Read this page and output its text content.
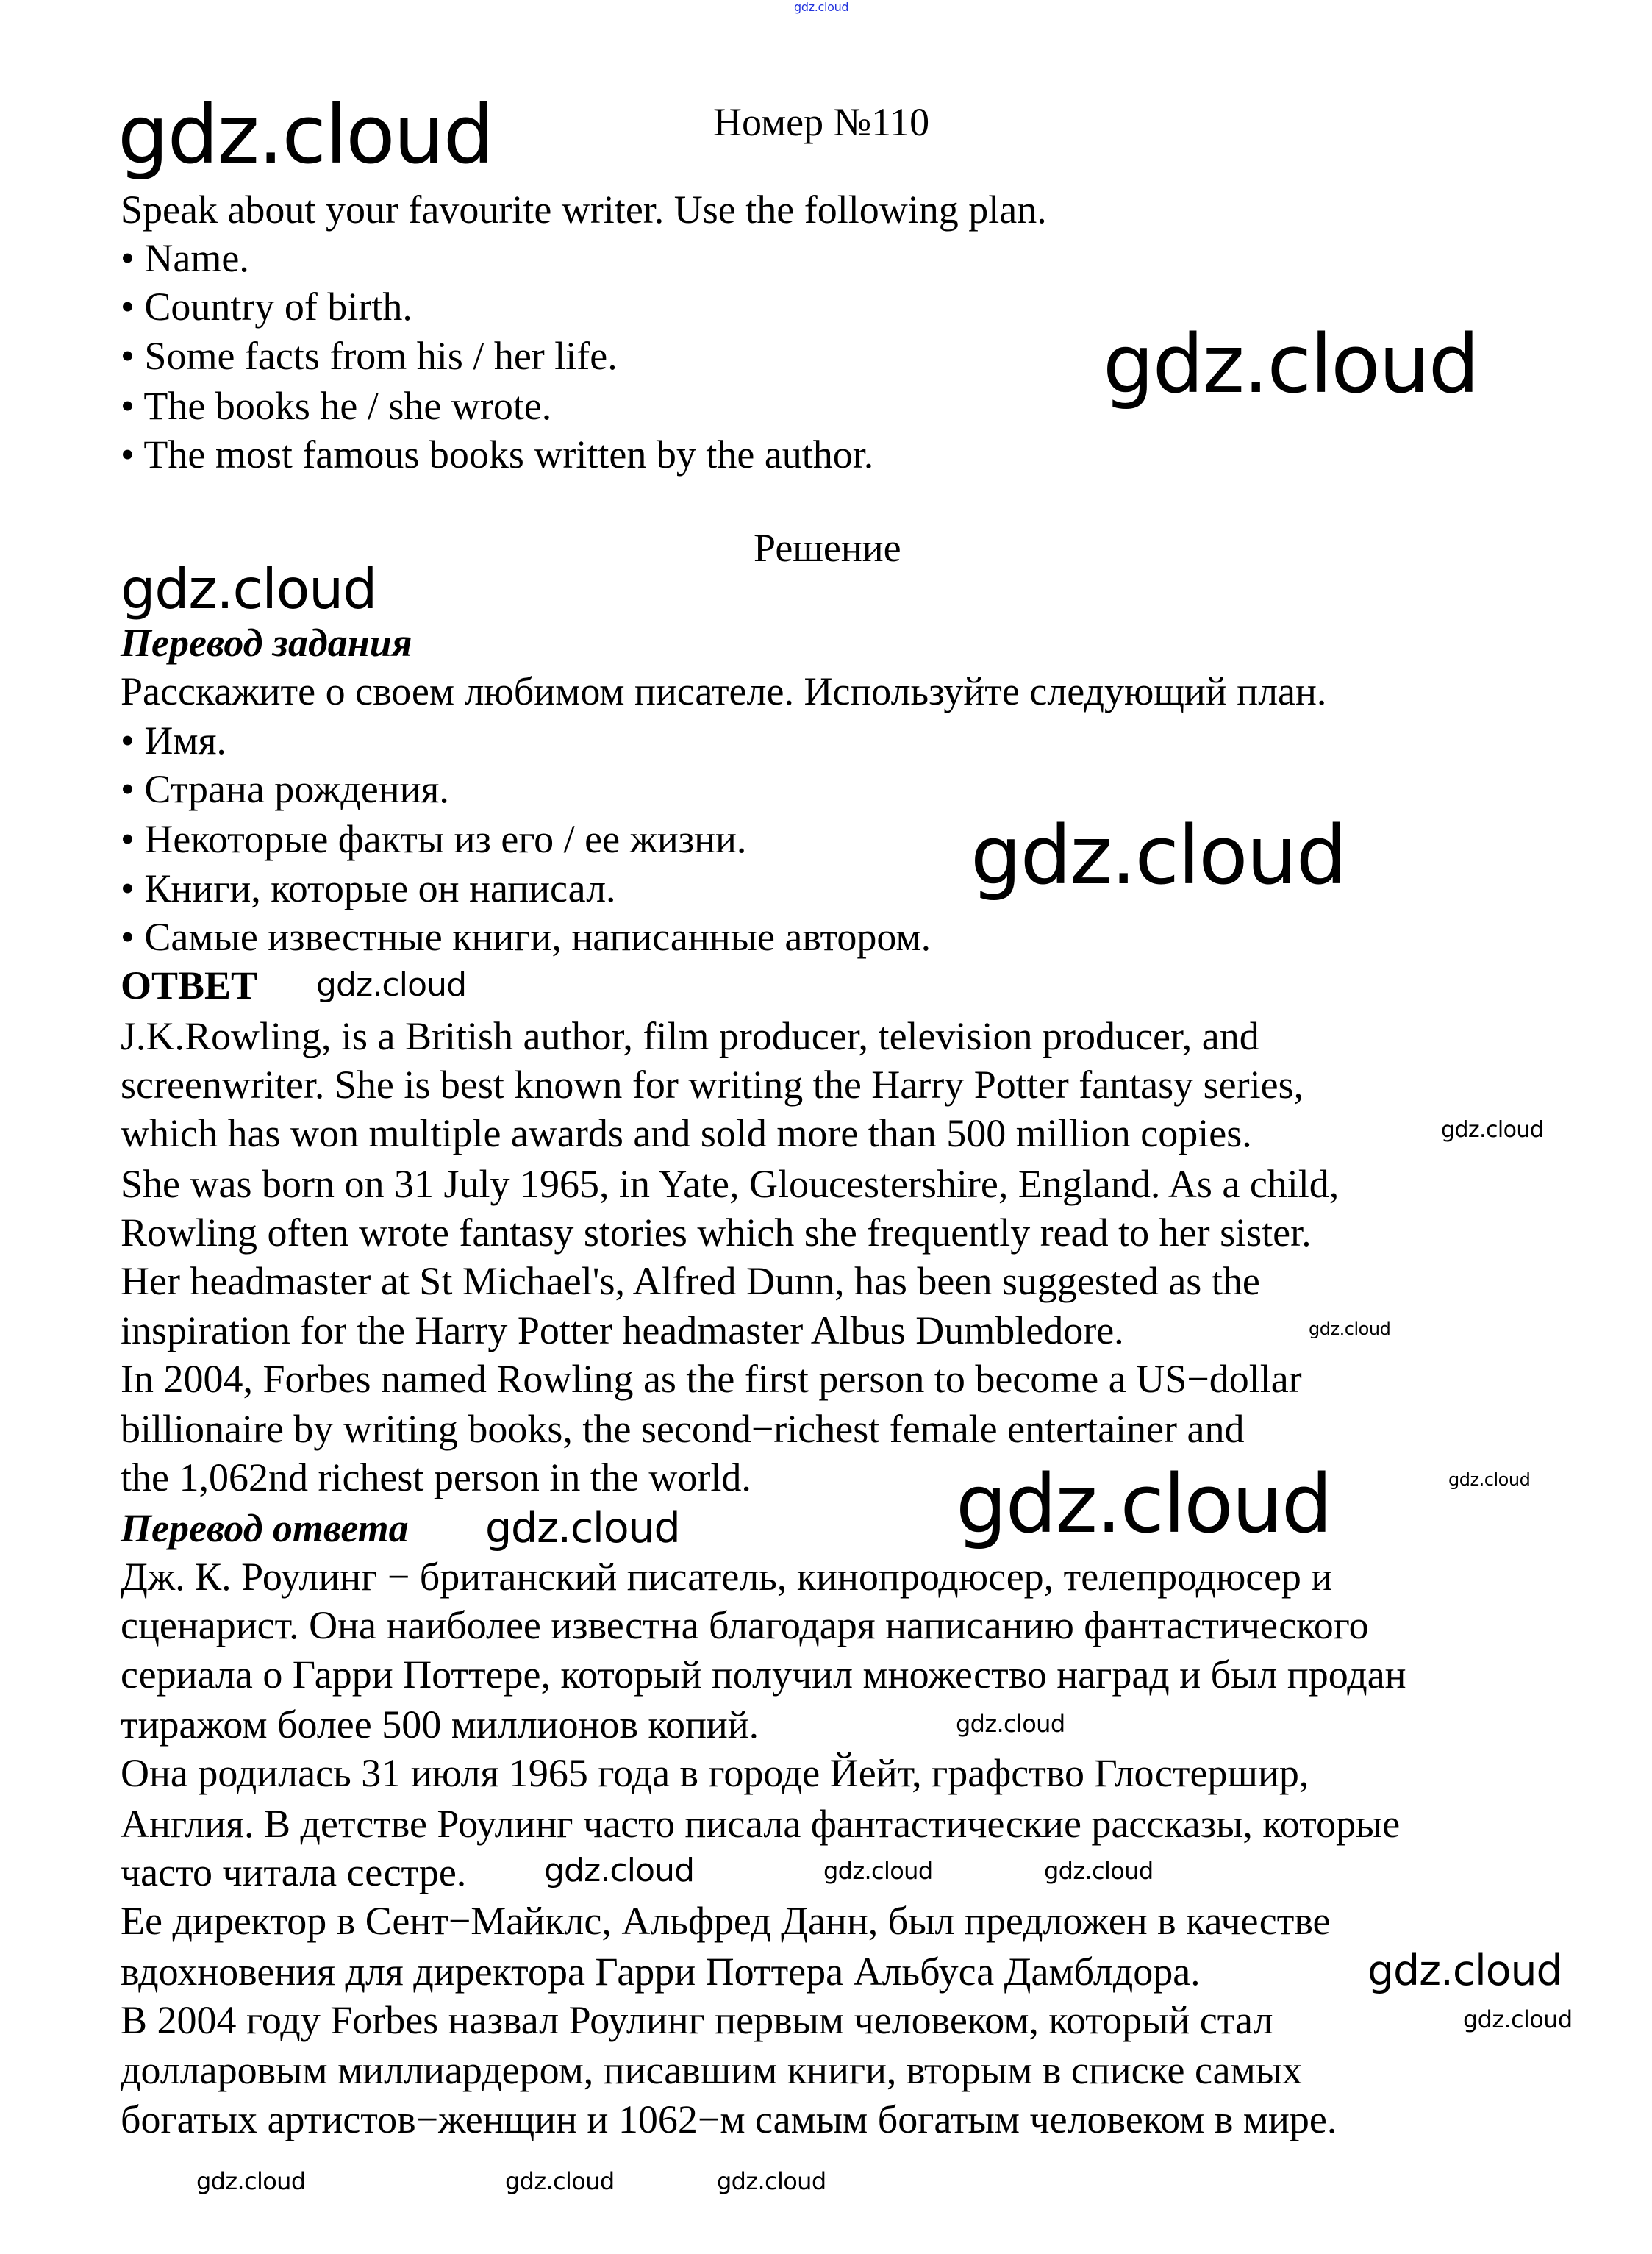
gdz.cloud
Номер №110
Speak about your favourite writer. Use the following plan.
• Name.
• Country of birth.
• Some facts from his / her life.
• The books he / she wrote.
• The most famous books written by the author.
Решение
Перевод задания
Расскажите о своем любимом писателе. Используйте следующий план.
• Имя.
• Страна рождения.
• Некоторые факты из его / ее жизни.
• Книги, которые он написал.
• Самые известные книги, написанные автором.
ОТВЕТ
J.K.Rowling, is a British author, film producer, television producer, and
screenwriter. She is best known for writing the Harry Potter fantasy series,
which has won multiple awards and sold more than 500 million copies.
She was born on 31 July 1965, in Yate, Gloucestershire, England. As a child,
Rowling often wrote fantasy stories which she frequently read to her sister.
Her headmaster at St Michael's, Alfred Dunn, has been suggested as the
inspiration for the Harry Potter headmaster Albus Dumbledore.
In 2004, Forbes named Rowling as the first person to become a US−dollar
billionaire by writing books, the second−richest female entertainer and
the 1,062nd richest person in the world.
Перевод ответа
Дж. К. Роулинг − британский писатель, кинопродюсер, телепродюсер и
сценарист. Она наиболее известна благодаря написанию фантастического
сериала о Гарри Поттере, который получил множество наград и был продан
тиражом более 500 миллионов копий.
Она родилась 31 июля 1965 года в городе Йейт, графство Глостершир,
Англия. В детстве Роулинг часто писала фантастические рассказы, которые
часто читала сестре.
Ее директор в Сент−Майклс, Альфред Данн, был предложен в качестве
вдохновения для директора Гарри Поттера Альбуса Дамблдора.
В 2004 году Forbes назвал Роулинг первым человеком, который стал
долларовым миллиардером, писавшим книги, вторым в списке самых
богатых артистов−женщин и 1062−м самым богатым человеком в мире.
gdz.cloud
gdz.cloud
gdz.cloud
gdz.cloud
gdz.cloud
gdz.cloud
gdz.cloud
gdz.cloud
gdz.cloud
gdz.cloud
gdz.cloud
gdz.cloud
gdz.cloud	gdz.cloud
gdz.cloud
gdz.cloud
gdz.cloud	gdz.cloud	gdz.cloud
